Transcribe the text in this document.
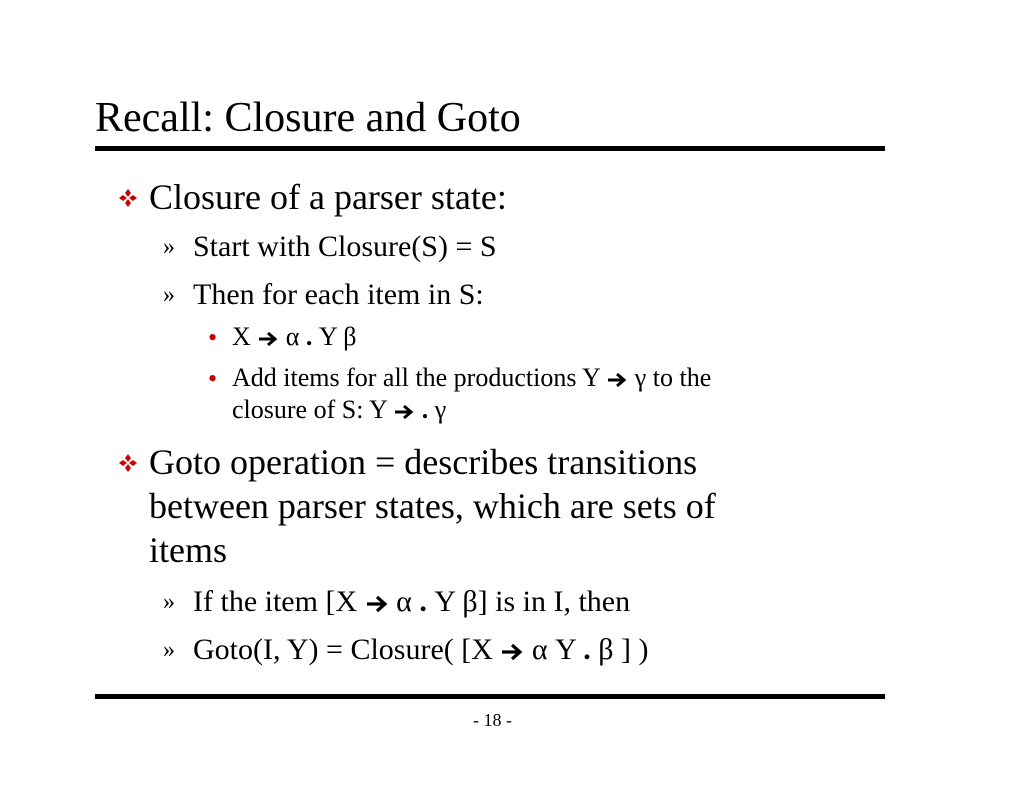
Recall: Closure and Goto
Closure of a parser state:
» Start with Closure(S) = S
» Then for each item in S:
• X α . Y β
• Add items for all the productions Y γ to the
closure of S: Y . γ
Goto operation = describes transitions
between parser states, which are sets of
items
» If the item [X α . Y β] is in I, then
» Goto(I, Y) = Closure( [X α Y . β ] )
- 18 -
